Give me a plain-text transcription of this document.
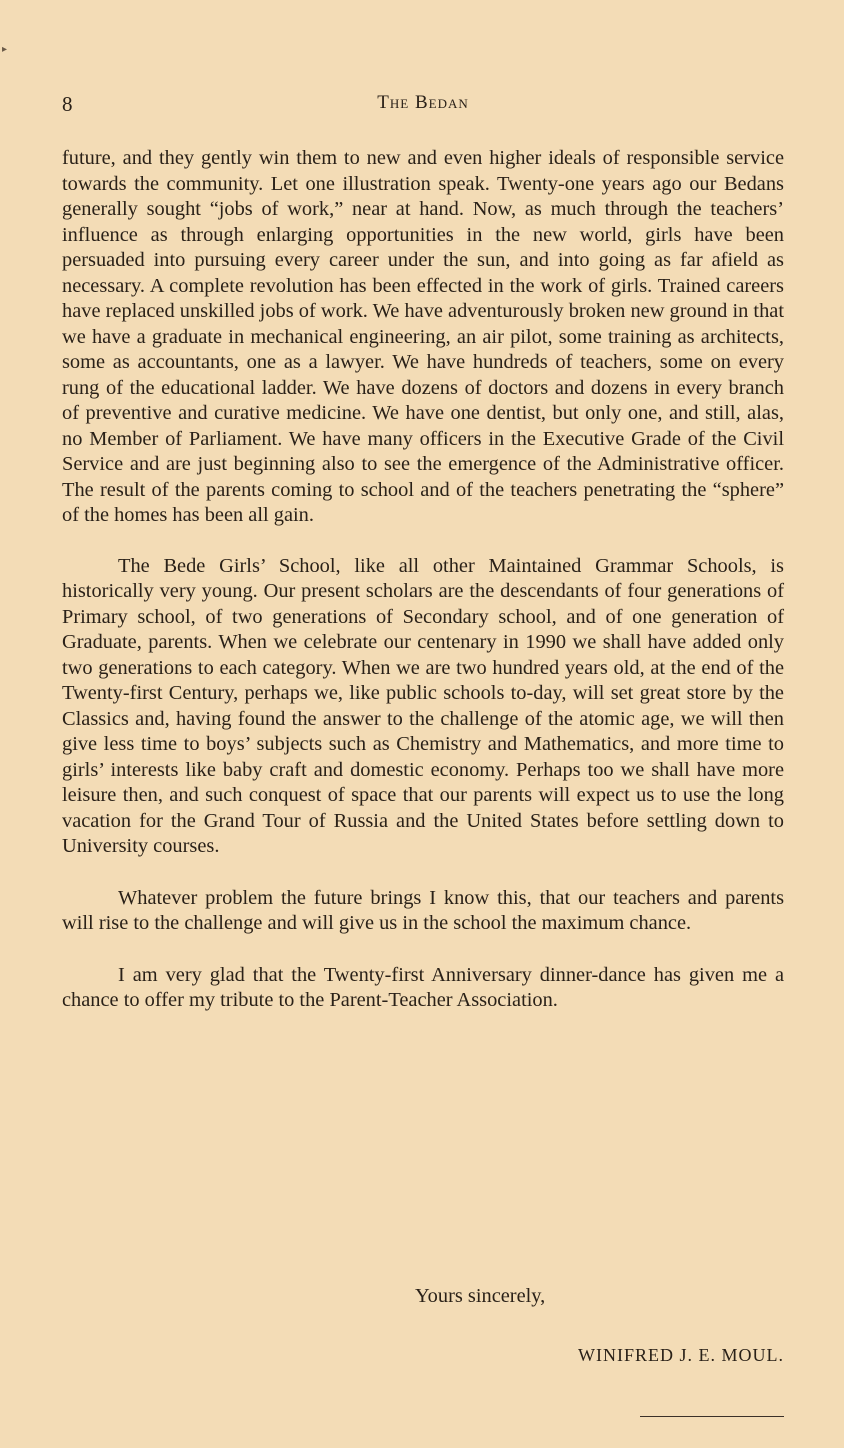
▸
8	The Bedan

future, and they gently win them to new and even higher ideals of responsible service towards the community. Let one illustration speak. Twenty-one years ago our Bedans generally sought “jobs of work,” near at hand. Now, as much through the teachers’ influence as through enlarging opportunities in the new world, girls have been persuaded into pursuing every career under the sun, and into going as far afield as necessary. A complete revolution has been effected in the work of girls. Trained careers have replaced unskilled jobs of work. We have adventurously broken new ground in that we have a graduate in mechanical engineering, an air pilot, some training as architects, some as accountants, one as a lawyer. We have hundreds of teachers, some on every rung of the educational ladder. We have dozens of doctors and dozens in every branch of preventive and curative medicine. We have one dentist, but only one, and still, alas, no Member of Parliament. We have many officers in the Executive Grade of the Civil Service and are just beginning also to see the emergence of the Administrative officer. The result of the parents coming to school and of the teachers penetrating the “sphere” of the homes has been all gain.

The Bede Girls’ School, like all other Maintained Grammar Schools, is historically very young. Our present scholars are the descendants of four generations of Primary school, of two generations of Secondary school, and of one generation of Graduate, parents. When we celebrate our centenary in 1990 we shall have added only two generations to each category. When we are two hundred years old, at the end of the Twenty-first Century, perhaps we, like public schools to-day, will set great store by the Classics and, having found the answer to the challenge of the atomic age, we will then give less time to boys’ subjects such as Chemistry and Mathematics, and more time to girls’ interests like baby craft and domestic economy. Perhaps too we shall have more leisure then, and such conquest of space that our parents will expect us to use the long vacation for the Grand Tour of Russia and the United States before settling down to University courses.

Whatever problem the future brings I know this, that our teachers and parents will rise to the challenge and will give us in the school the maximum chance.

I am very glad that the Twenty-first Anniversary dinner-dance has given me a chance to offer my tribute to the Parent-Teacher Association.

Yours sincerely,
WINIFRED J. E. MOUL.
